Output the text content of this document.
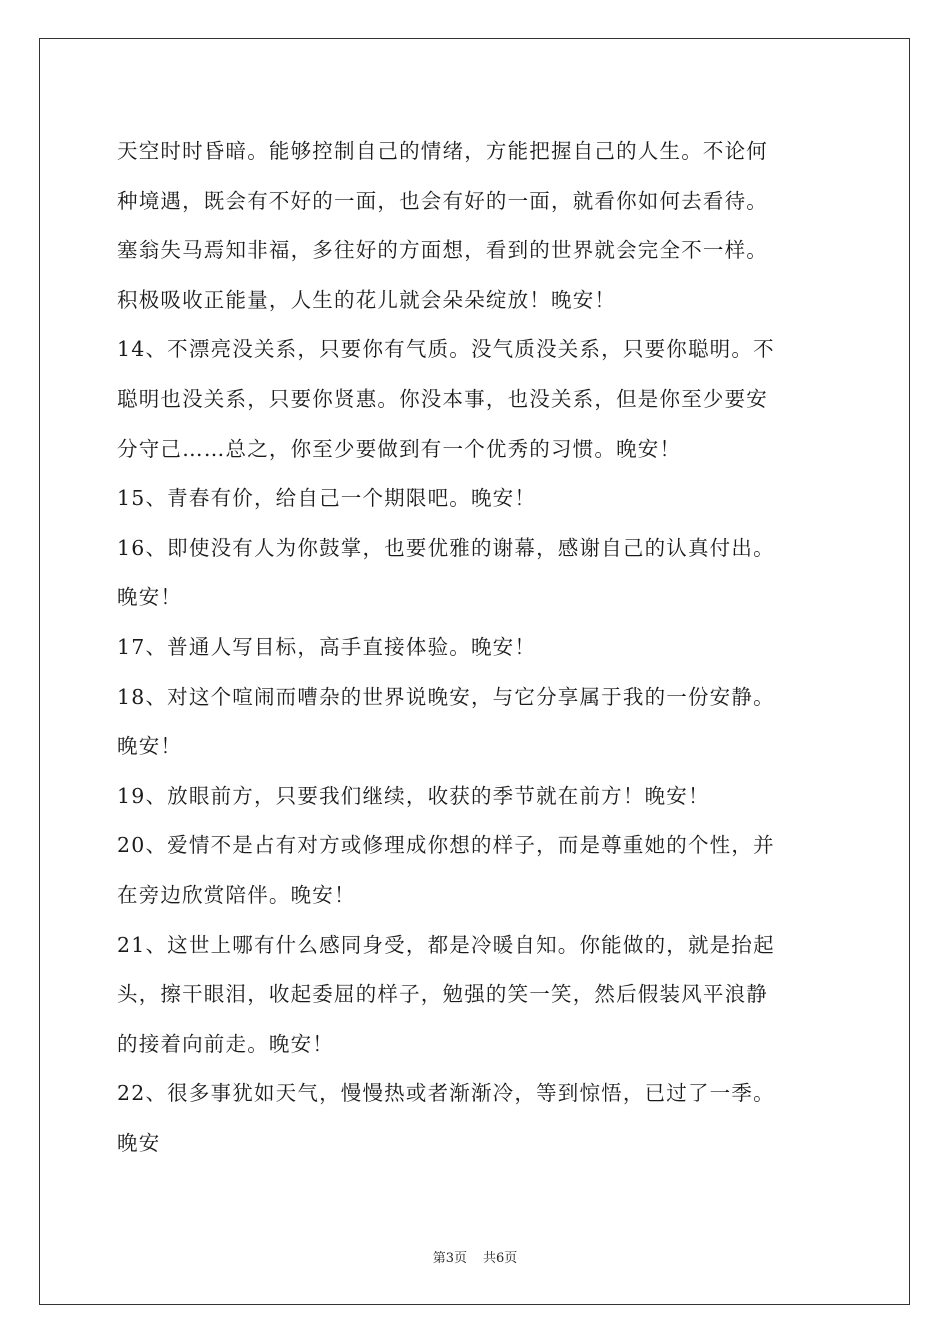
天空时时昏暗。能够控制自己的情绪，方能把握自己的人生。不论何
种境遇，既会有不好的一面，也会有好的一面，就看你如何去看待。
塞翁失马焉知非福，多往好的方面想，看到的世界就会完全不一样。
积极吸收正能量，人生的花儿就会朵朵绽放！晚安！
14、不漂亮没关系，只要你有气质。没气质没关系，只要你聪明。不
聪明也没关系，只要你贤惠。你没本事，也没关系，但是你至少要安
分守己……总之，你至少要做到有一个优秀的习惯。晚安！
15、青春有价，给自己一个期限吧。晚安！
16、即使没有人为你鼓掌，也要优雅的谢幕，感谢自己的认真付出。
晚安！
17、普通人写目标，高手直接体验。晚安！
18、对这个喧闹而嘈杂的世界说晚安，与它分享属于我的一份安静。
晚安！
19、放眼前方，只要我们继续，收获的季节就在前方！晚安！
20、爱情不是占有对方或修理成你想的样子，而是尊重她的个性，并
在旁边欣赏陪伴。晚安！
21、这世上哪有什么感同身受，都是冷暖自知。你能做的，就是抬起
头，擦干眼泪，收起委屈的样子，勉强的笑一笑，然后假装风平浪静
的接着向前走。晚安！
22、很多事犹如天气，慢慢热或者渐渐冷，等到惊悟，已过了一季。
晚安
第3页 共6页
